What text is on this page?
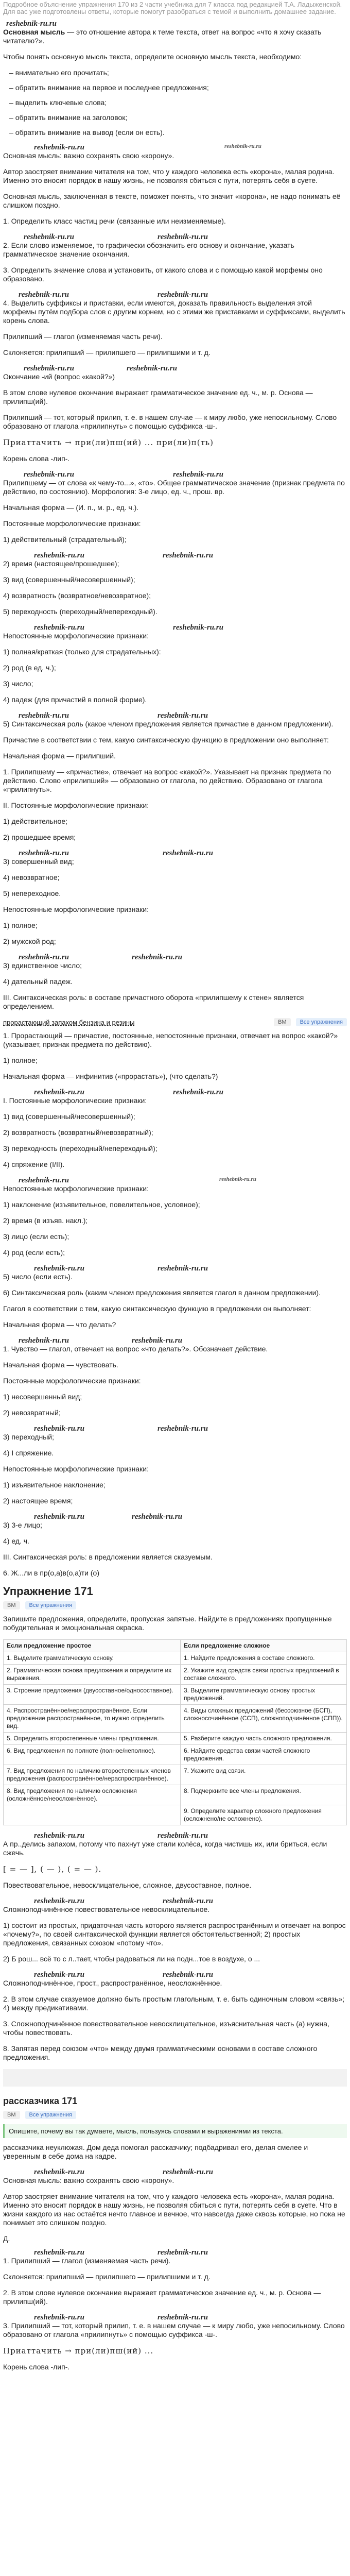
Подробное объяснение упражнения 170 из 2 части учебника для 7 класса под редакцией Т.А. Ладыженской. Для вас уже подготовлены ответы, которые помогут разобраться с темой и выполнить домашнее задание.
reshebnik-ru.ru

Основная мысль — это отношение автора к теме текста, ответ на вопрос «что я хочу сказать читателю?».

Чтобы понять основную мысль текста, определите основную мысль текста, необходимо:

– внимательно его прочитать;
– обратить внимание на первое и последнее предложения;
– выделить ключевые слова;
– обратить внимание на заголовок;
– обратить внимание на вывод (если он есть).
reshebnik-ru.ru	reshebnik-ru.ru

Основная мысль: важно сохранять свою «корону».

Автор заостряет внимание читателя на том, что у каждого человека есть «корона», малая родина. Именно это вносит порядок в нашу жизнь, не позволяя сбиться с пути, потерять себя в суете.

Основная мысль, заключенная в тексте, поможет понять, что значит «корона», не надо понимать её слишком поздно.

1. Определить класс частиц речи (связанные или неизменяемые).

reshebnik-ru.ru	reshebnik-ru.ru

2. Если слово изменяемое, то графически обозначить его основу и окончание, указать грамматическое значение окончания.

3. Определить значение слова и установить, от какого слова и с помощью какой морфемы оно образовано.

reshebnik-ru.ru	reshebnik-ru.ru

4. Выделить суффиксы и приставки, если имеются, доказать правильность выделения этой морфемы путём подбора слов с другим корнем, но с этими же приставками и суффиксами, выделить корень слова.

Прилипший — глагол (изменяемая часть речи).

Склоняется: прилипший — прилипшего — прилипшими и т. д.

reshebnik-ru.ru	reshebnik-ru.ru

Окончание -ий (вопрос «какой?»)

В этом слове нулевое окончание выражает грамматическое значение ед. ч., м. р. Основа — прилипш(ий).

Прилипший — тот, который прилип, т. е. в нашем случае — к миру любо, уже непосильному. Слово образовано от глагола «прилипнуть» с помощью суффикса -ш-.

Приаттачить → при(ли)пш(ий) ... при(ли)п(ть)

Корень слова -лип-.

reshebnik-ru.ru	reshebnik-ru.ru

Прилипшему — от слова «к чему-то...», «то». Общее грамматическое значение (признак предмета по действию, по состоянию). Морфология: 3-е лицо, ед. ч., прош. вр.

Начальная форма — (И. п., м. р., ед. ч.).

Постоянные морфологические признаки:

1) действительный (страдательный);

reshebnik-ru.ru	reshebnik-ru.ru

2) время (настоящее/прошедшее);

3) вид (совершенный/несовершенный);

4) возвратность (возвратное/невозвратное);

5) переходность (переходный/непереходный).

reshebnik-ru.ru	reshebnik-ru.ru

Непостоянные морфологические признаки:

1) полная/краткая (только для страдательных):

2) род (в ед. ч.);

3) число;

4) падеж (для причастий в полной форме).

reshebnik-ru.ru	reshebnik-ru.ru

5) Синтаксическая роль (какое членом предложения является причастие в данном предложении).

Причастие в соответствии с тем, какую синтаксическую функцию в предложении оно выполняет:

Начальная форма — прилипший.

1. Прилипшему — «причастие», отвечает на вопрос «какой?». Указывает на признак предмета по действию. Слово «прилипший» — образовано от глагола, по действию. Образовано от глагола «прилипнуть».

II. Постоянные морфологические признаки:

1) действительное;

2) прошедшее время;

reshebnik-ru.ru	reshebnik-ru.ru

3) совершенный вид;

4) невозвратное;

5) непереходное.

Непостоянные морфологические признаки:

1) полное;

2) мужской род;

reshebnik-ru.ru	reshebnik-ru.ru

3) единственное число;

4) дательный падеж.

III. Синтаксическая роль: в составе причастного оборота «прилипшему к стене» является определением.

прорастающий запахом бензина и резины	ВМ	Все упражнения

1. Прорастающий — причастие, постоянные, непостоянные признаки, отвечает на вопрос «какой?» (указывает, признак предмета по действию).

1) полное;

Начальная форма — инфинитив («прорастать»), (что сделать?)

reshebnik-ru.ru	reshebnik-ru.ru

I. Постоянные морфологические признаки:

1) вид (совершенный/несовершенный);

2) возвратность (возвратный/невозвратный);

3) переходность (переходный/непереходный);

4) спряжение (I/II).

reshebnik-ru.ru	reshebnik-ru.ru

Непостоянные морфологические признаки:

1) наклонение (изъявительное, повелительное, условное);

2) время (в изъяв. накл.);

3) лицо (если есть);

4) род (если есть);

reshebnik-ru.ru	reshebnik-ru.ru

5) число (если есть).

6) Синтаксическая роль (каким членом предложения является глагол в данном предложении).

Глагол в соответствии с тем, какую синтаксическую функцию в предложении он выполняет:

Начальная форма — что делать?

reshebnik-ru.ru	reshebnik-ru.ru

1. Чувство — глагол, отвечает на вопрос «что делать?». Обозначает действие.

Начальная форма — чувствовать.

Постоянные морфологические признаки:

1) несовершенный вид;

2) невозвратный;

reshebnik-ru.ru	reshebnik-ru.ru

3) переходный;

4) I спряжение.

Непостоянные морфологические признаки:

1) изъявительное наклонение;

2) настоящее время;

reshebnik-ru.ru	reshebnik-ru.ru

3) 3-е лицо;

4) ед. ч.

III. Синтаксическая роль: в предложении является сказуемым.

6. Ж...ли в пр(о,а)в(о,а)ти (о)

Упражнение 171
ВМ	Все упражнения

Запишите предложения, определите, пропуская запятые. Найдите в предложениях пропущенные побудительная и эмоциональная окраска.

Если предложение простое	Если предложение сложное
1. Выделите грамматическую основу.	1. Найдите предложения в составе сложного.
2. Грамматическая основа предложения и определите их выражения.	2. Укажите вид средств связи простых предложений в составе сложного.
3. Строение предложения (двусоставное/односоставное).	3. Выделите грамматическую основу простых предложений.
4. Распространённое/нераспространённое. Если предложение распространённое, то нужно определить вид.	4. Виды сложных предложений (бессоюзное (БСП), сложносочинённое (ССП), сложноподчинённое (СПП)).
5. Определить второстепенные члены предложения.	5. Разберите каждую часть сложного предложения.
6. Вид предложения по полноте (полное/неполное).	6. Найдите средства связи частей сложного предложения.
7. Вид предложения по наличию второстепенных членов предложения (распространённое/нераспространённое).	7. Укажите вид связи.
8. Вид предложения по наличию осложнения (осложнённое/неосложнённое).	8. Подчеркните все члены предложения.
	9. Определите характер сложного предложения (осложнено/не осложнено).
reshebnik-ru.ru	reshebnik-ru.ru

А пр..делись запахом, потому что пахнут уже стали колёса, когда чистишь их, или бриться, если сжечь.

[ = — ], ( — ), ( = — ).

Повествовательное, невосклицательное, сложное, двусоставное, полное.

reshebnik-ru.ru	reshebnik-ru.ru

Сложноподчинённое повествовательное невосклицательное.

1) состоит из простых, придаточная часть которого является распространённым и отвечает на вопрос «почему?», по своей синтаксической функции является обстоятельственной; 2) простых предложения, связанных союзом «потому что».

2) Б рош... всё то с л..тает, чтобы радоваться ли на подн...тое в воздухе, о ...

reshebnik-ru.ru	reshebnik-ru.ru

Сложноподчинённое, прост., распространённое, неосложнённое.

2. В этом случае сказуемое должно быть простым глагольным, т. е. быть одиночным словом «связь»; 4) между предикативами.

3. Сложноподчинённое повествовательное невосклицательное, изъяснительная часть (а) нужна, чтобы повествовать.

8. Запятая перед союзом «что» между двумя грамматическими основами в составе сложного предложения.

рассказчика 171
ВМ	Все упражнения
Опишите, почему вы так думаете, мысль, пользуясь словами и выражениями из текста.

рассказчика неуклюжая. Дом деда помогал рассказчику; подбадривал его, делая смелее и уверенным в себе дома на кадре.

reshebnik-ru.ru	reshebnik-ru.ru

Основная мысль: важно сохранять свою «корону».

Автор заостряет внимание читателя на том, что у каждого человека есть «корона», малая родина. Именно это вносит порядок в нашу жизнь, не позволяя сбиться с пути, потерять себя в суете. Что в жизни каждого из нас остаётся нечто главное и вечное, что навсегда даже сквозь которые, но пока не понимает это слишком поздно.

Д.

reshebnik-ru.ru	reshebnik-ru.ru

1. Прилипший — глагол (изменяемая часть речи).

Склоняется: прилипший — прилипшего — прилипшими и т. д.

2. В этом слове нулевое окончание выражает грамматическое значение ед. ч., м. р. Основа — прилипш(ий).

reshebnik-ru.ru	reshebnik-ru.ru

3. Прилипший — тот, который прилип, т. е. в нашем случае — к миру любо, уже непосильному. Слово образовано от глагола «прилипнуть» с помощью суффикса -ш-.

Приаттачить → при(ли)пш(ий) ...

Корень слова -лип-.
